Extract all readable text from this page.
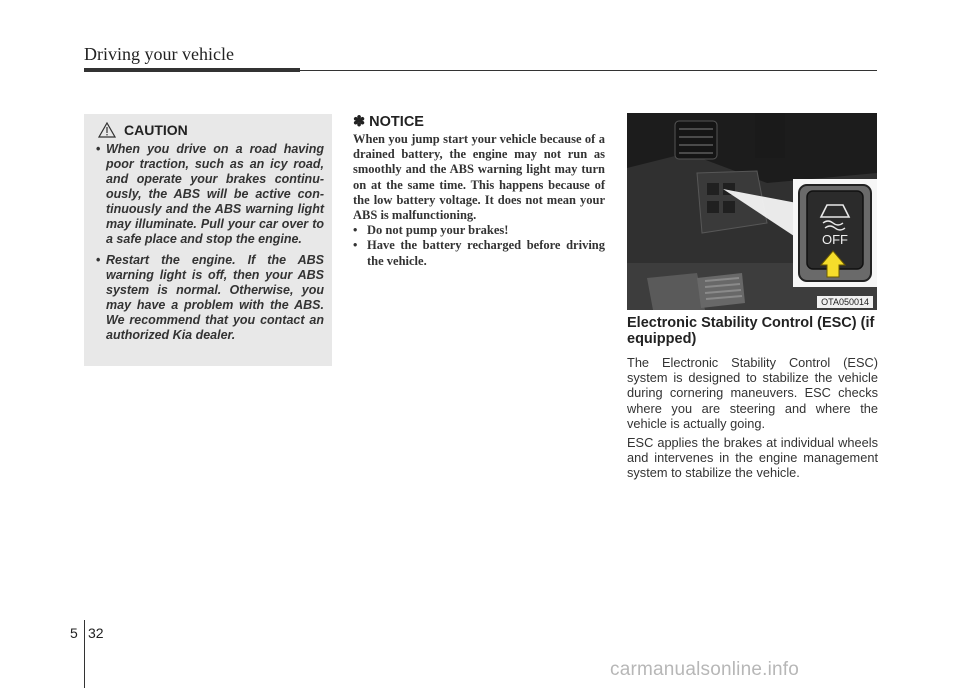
Driving your vehicle
CAUTION
• When you drive on a road having poor traction, such as an icy road, and operate your brakes continu-ously, the ABS will be active con-tinuously and the ABS warning light may illuminate. Pull your car over to a safe place and stop the engine.
• Restart the engine. If the ABS warning light is off, then your ABS system is normal. Otherwise, you may have a problem with the ABS. We recommend that you contact an authorized Kia dealer.
✽ NOTICE

When you jump start your vehicle because of a drained battery, the engine may not run as smoothly and the ABS warning light may turn on at the same time. This happens because of the low battery voltage. It does not mean your ABS is malfunctioning.

• Do not pump your brakes!
• Have the battery recharged before driving the vehicle.
OFF
OTA050014
Electronic Stability Control (ESC) (if equipped)

The Electronic Stability Control (ESC) system is designed to stabilize the vehicle during cornering maneuvers. ESC checks where you are steering and where the vehicle is actually going.

ESC applies the brakes at individual wheels and intervenes in the engine management system to stabilize the vehicle.

5 32
carmanualsonline.info
